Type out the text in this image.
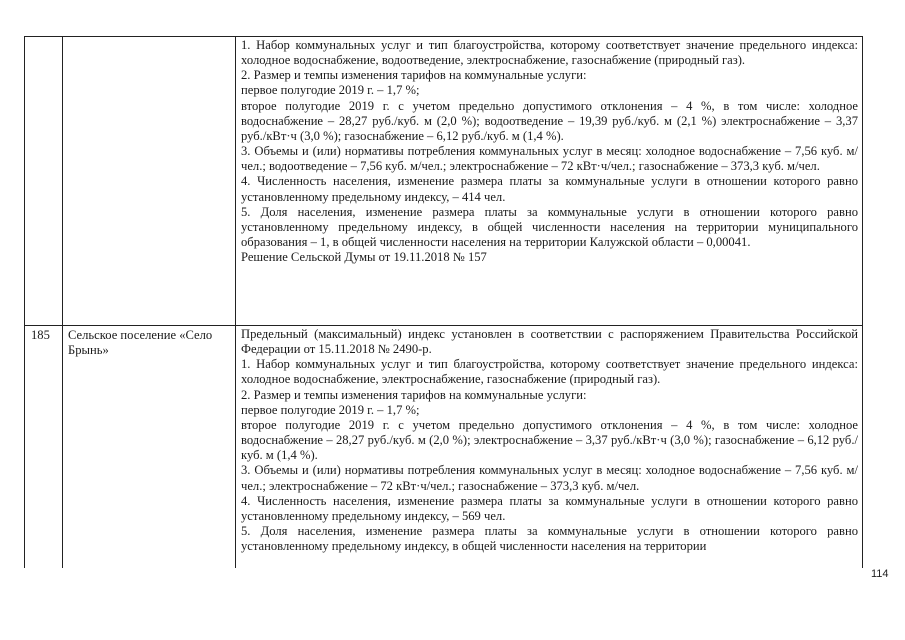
1. Набор коммунальных услуг и тип благоустройства, которому соответствует значение предельного индекса: холодное водоснабжение, водоотведение, электроснабжение, газоснабжение (природный газ).

2. Размер и темпы изменения тарифов на коммунальные услуги:

первое полугодие 2019 г. – 1,7 %;

второе полугодие 2019 г. с учетом предельно допустимого отклонения – 4 %, в том числе: холодное водоснабжение – 28,27 руб./куб. м (2,0 %); водоотведение – 19,39 руб./куб. м (2,1 %) электроснабжение – 3,37 руб./кВт·ч (3,0 %); газоснабжение – 6,12 руб./куб. м (1,4 %).

3. Объемы и (или) нормативы потребления коммунальных услуг в месяц: холодное водоснабжение – 7,56 куб. м/чел.; водоотведение – 7,56 куб. м/чел.; электроснабжение – 72 кВт·ч/чел.; газоснабжение – 373,3 куб. м/чел.

4. Численность населения, изменение размера платы за коммунальные услуги в отношении которого равно установленному предельному индексу, – 414 чел.

5. Доля населения, изменение размера платы за коммунальные услуги в отношении которого равно установленному предельному индексу, в общей численности населения на территории муниципального образования – 1, в общей численности населения на территории Калужской области – 0,00041.

Решение Сельской Думы от 19.11.2018 № 157

185	Сельское поселение «Село Брынь»

Предельный (максимальный) индекс установлен в соответствии с распоряжением Правительства Российской Федерации от 15.11.2018 № 2490-р.

1. Набор коммунальных услуг и тип благоустройства, которому соответствует значение предельного индекса: холодное водоснабжение, электроснабжение, газоснабжение (природный газ).

2. Размер и темпы изменения тарифов на коммунальные услуги:

первое полугодие 2019 г. – 1,7 %;

второе полугодие 2019 г. с учетом предельно допустимого отклонения – 4 %, в том числе: холодное водоснабжение – 28,27 руб./куб. м (2,0 %); электроснабжение – 3,37 руб./кВт·ч (3,0 %); газоснабжение – 6,12 руб./куб. м (1,4 %).

3. Объемы и (или) нормативы потребления коммунальных услуг в месяц: холодное водоснабжение – 7,56 куб. м/чел.; электроснабжение – 72 кВт·ч/чел.; газоснабжение – 373,3 куб. м/чел.

4. Численность населения, изменение размера платы за коммунальные услуги в отношении которого равно установленному предельному индексу, – 569 чел.

5. Доля населения, изменение размера платы за коммунальные услуги в отношении которого равно установленному предельному индексу, в общей численности населения на территории

114
